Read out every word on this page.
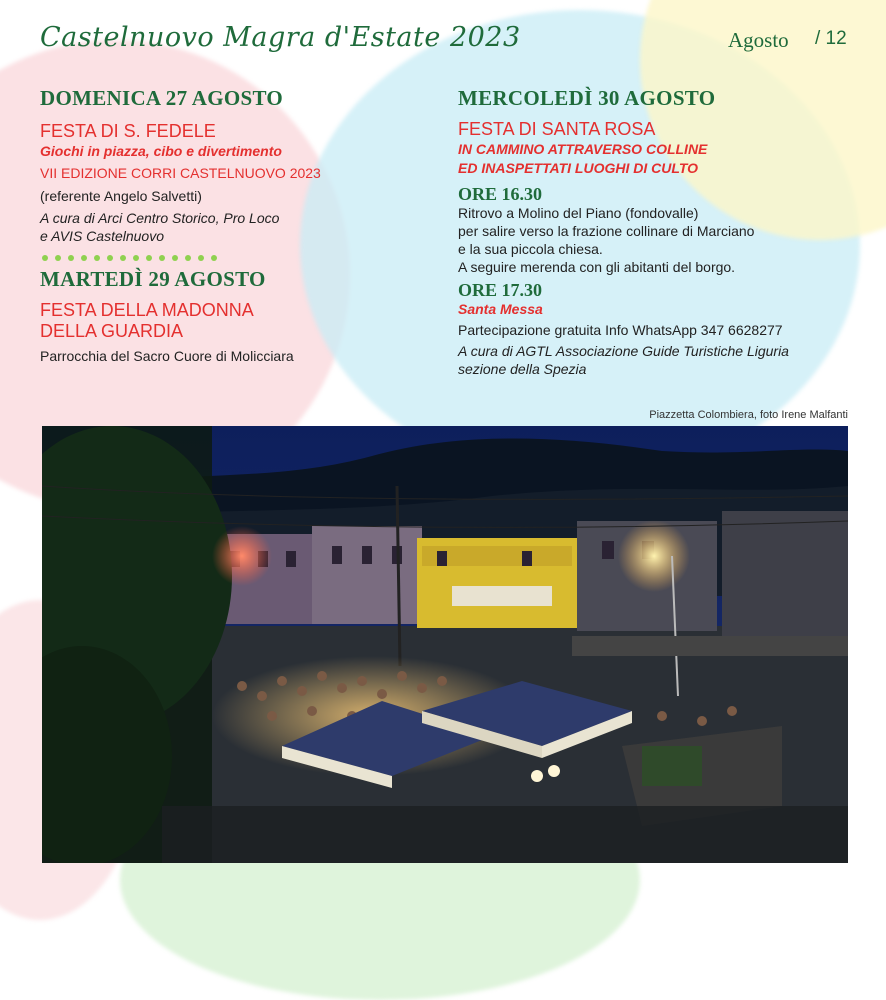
Castelnuovo Magra d'Estate 2023	Agosto / 12

DOMENICA 27 AGOSTO

FESTA DI S. FEDELE

Giochi in piazza, cibo e divertimento

VII EDIZIONE CORRI CASTELNUOVO 2023

(referente Angelo Salvetti)

A cura di Arci Centro Storico, Pro Loco

e AVIS Castelnuovo

MARTEDÌ 29 AGOSTO

FESTA DELLA MADONNA

DELLA GUARDIA

Parrocchia del Sacro Cuore di Molicciara

MERCOLEDÌ 30 AGOSTO

FESTA DI SANTA ROSA

IN CAMMINO ATTRAVERSO COLLINE

ED INASPETTATI LUOGHI DI CULTO

ORE 16.30

Ritrovo a Molino del Piano (fondovalle)

per salire verso la frazione collinare di Marciano

e la sua piccola chiesa.

A seguire merenda con gli abitanti del borgo.

ORE 17.30

Santa Messa

Partecipazione gratuita Info WhatsApp 347 6628277

A cura di AGTL Associazione Guide Turistiche Liguria

sezione della Spezia

Piazzetta Colombiera, foto Irene Malfanti
